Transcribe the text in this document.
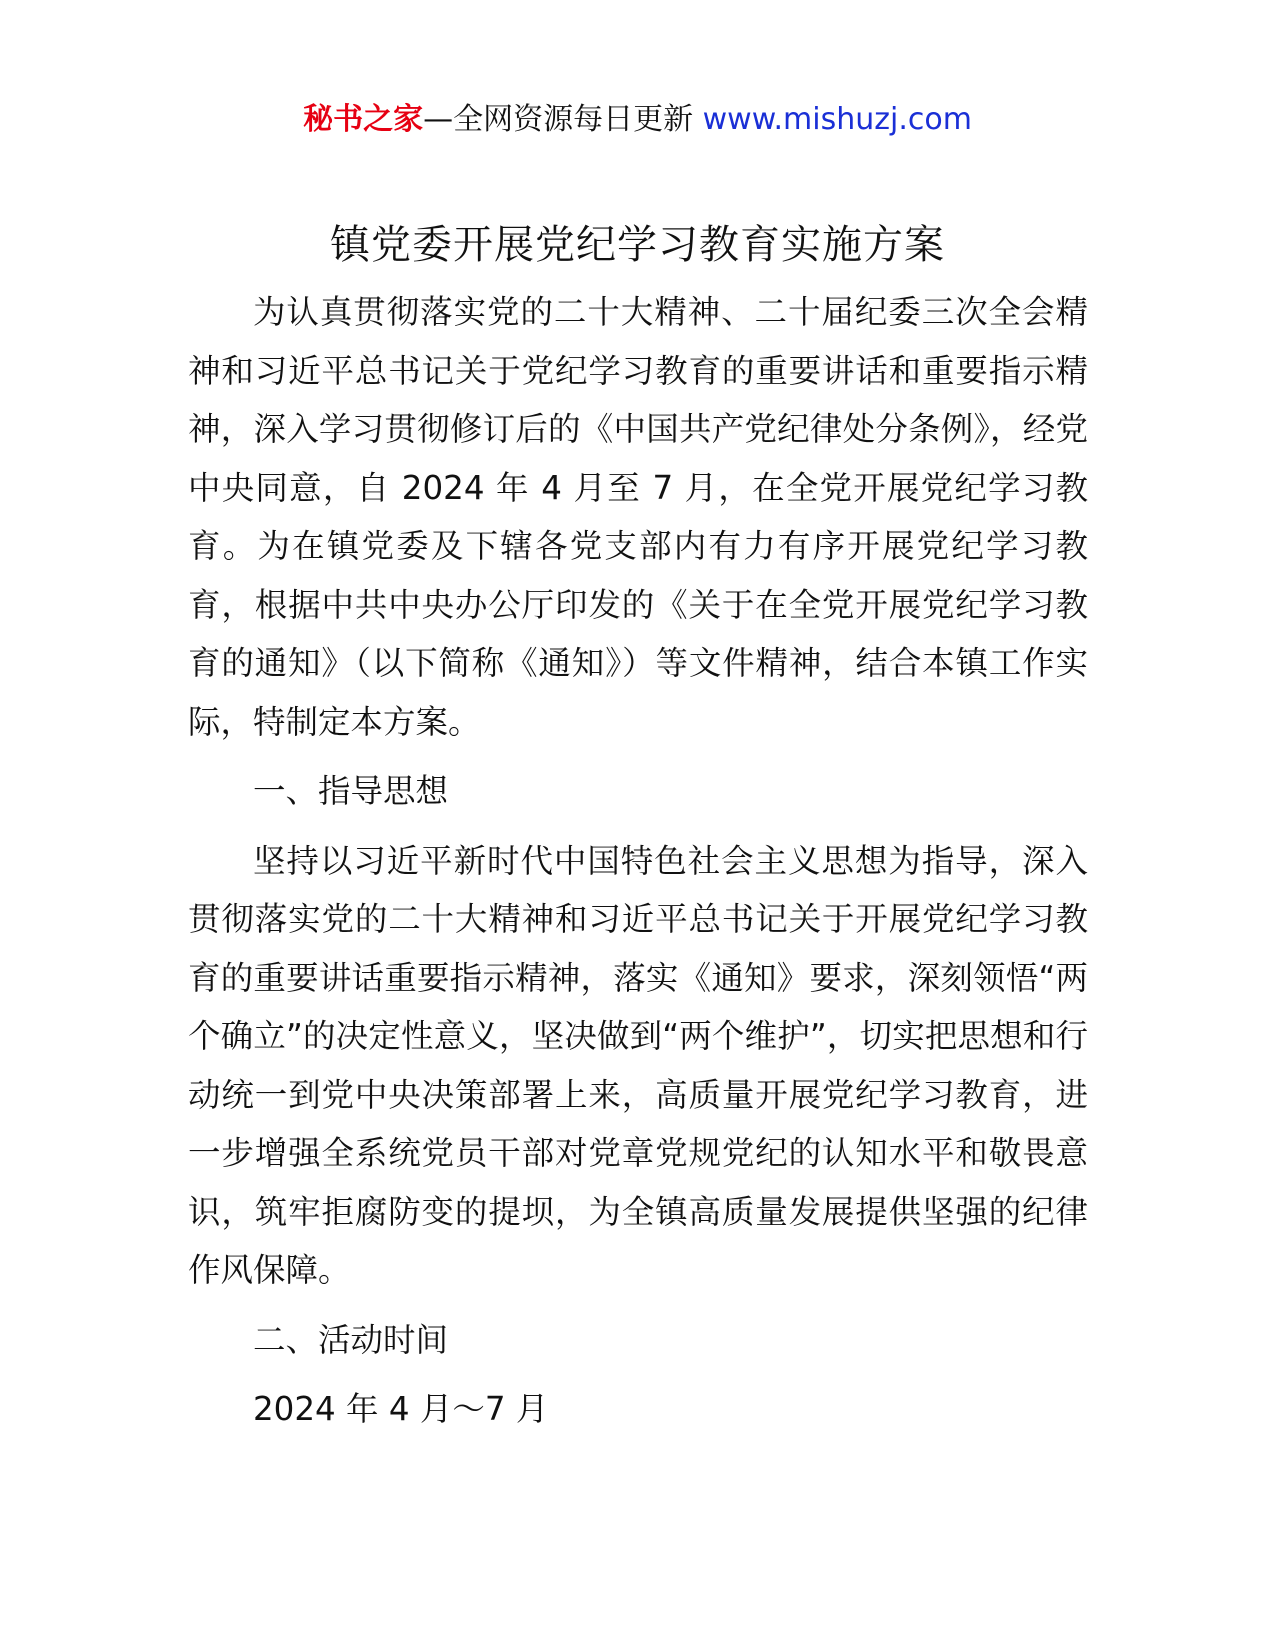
秘书之家—全网资源每日更新 www.mishuzj.com
镇党委开展党纪学习教育实施方案

为认真贯彻落实党的二十大精神、二十届纪委三次全会精神和习近平总书记关于党纪学习教育的重要讲话和重要指示精神，深入学习贯彻修订后的《中国共产党纪律处分条例》，经党中央同意，自 2024 年 4 月至 7 月，在全党开展党纪学习教育。为在镇党委及下辖各党支部内有力有序开展党纪学习教育，根据中共中央办公厅印发的《关于在全党开展党纪学习教育的通知》（以下简称《通知》）等文件精神，结合本镇工作实际，特制定本方案。

一、指导思想

坚持以习近平新时代中国特色社会主义思想为指导，深入贯彻落实党的二十大精神和习近平总书记关于开展党纪学习教育的重要讲话重要指示精神，落实《通知》要求，深刻领悟“两个确立”的决定性意义，坚决做到“两个维护”，切实把思想和行动统一到党中央决策部署上来，高质量开展党纪学习教育，进一步增强全系统党员干部对党章党规党纪的认知水平和敬畏意识，筑牢拒腐防变的提坝，为全镇高质量发展提供坚强的纪律作风保障。

二、活动时间

2024 年 4 月～7 月
